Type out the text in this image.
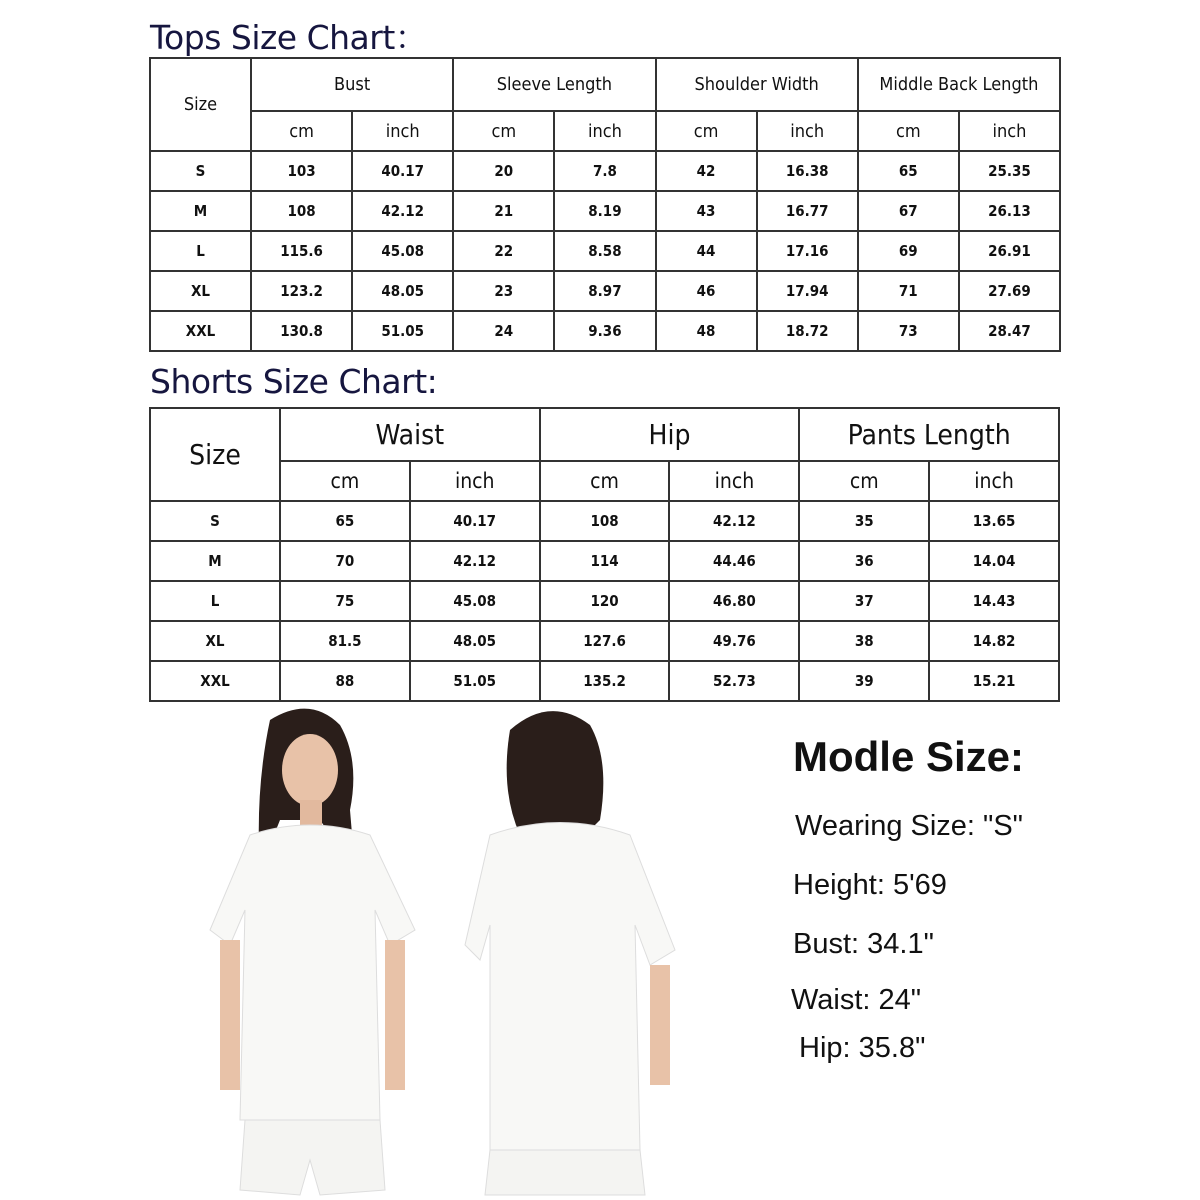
Tops Size Chart：
Size	Bust		Sleeve Length		Shoulder Width		Middle Back Length	
	cm	inch	cm	inch	cm	inch	cm	inch
S	103	40.17	20	7.8	42	16.38	65	25.35
M	108	42.12	21	8.19	43	16.77	67	26.13
L	115.6	45.08	22	8.58	44	17.16	69	26.91
XL	123.2	48.05	23	8.97	46	17.94	71	27.69
XXL	130.8	51.05	24	9.36	48	18.72	73	28.47
Shorts Size Chart:
Size	Waist		Hip		Pants Length	
	cm	inch	cm	inch	cm	inch
S	65	40.17	108	42.12	35	13.65
M	70	42.12	114	44.46	36	14.04
L	75	45.08	120	46.80	37	14.43
XL	81.5	48.05	127.6	49.76	38	14.82
XXL	88	51.05	135.2	52.73	39	15.21
Modle Size:
Wearing Size: "S"
Height: 5'69
Bust: 34.1"
Waist: 24"
Hip: 35.8"
